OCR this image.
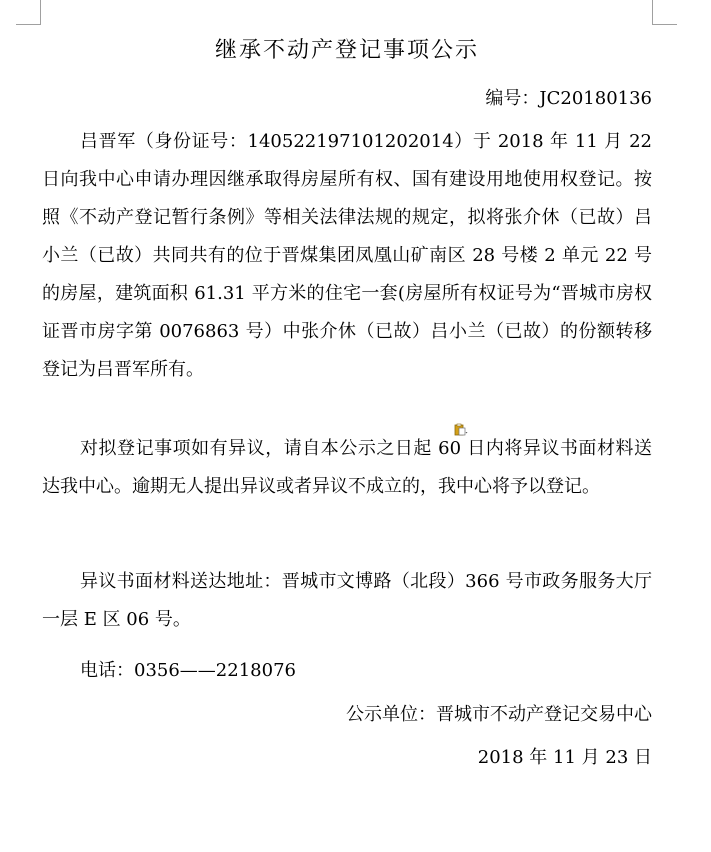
继承不动产登记事项公示
编号：JC20180136

吕晋军（身份证号：140522197101202014）于 2018 年 11 月 22 日向我中心申请办理因继承取得房屋所有权、国有建设用地使用权登记。按照《不动产登记暂行条例》等相关法律法规的规定，拟将张介休（已故）吕小兰（已故）共同共有的位于晋煤集团凤凰山矿南区 28 号楼 2 单元 22 号的房屋，建筑面积 61.31 平方米的住宅一套(房屋所有权证号为“晋城市房权证晋市房字第 0076863 号）中张介休（已故）吕小兰（已故）的份额转移登记为吕晋军所有。

对拟登记事项如有异议，请自本公示之日起 60 日内将异议书面材料送达我中心。逾期无人提出异议或者异议不成立的，我中心将予以登记。

异议书面材料送达地址：晋城市文博路（北段）366 号市政务服务大厅一层 E 区 06 号。

电话：0356——2218076

公示单位：晋城市不动产登记交易中心
2018 年 11 月 23 日
